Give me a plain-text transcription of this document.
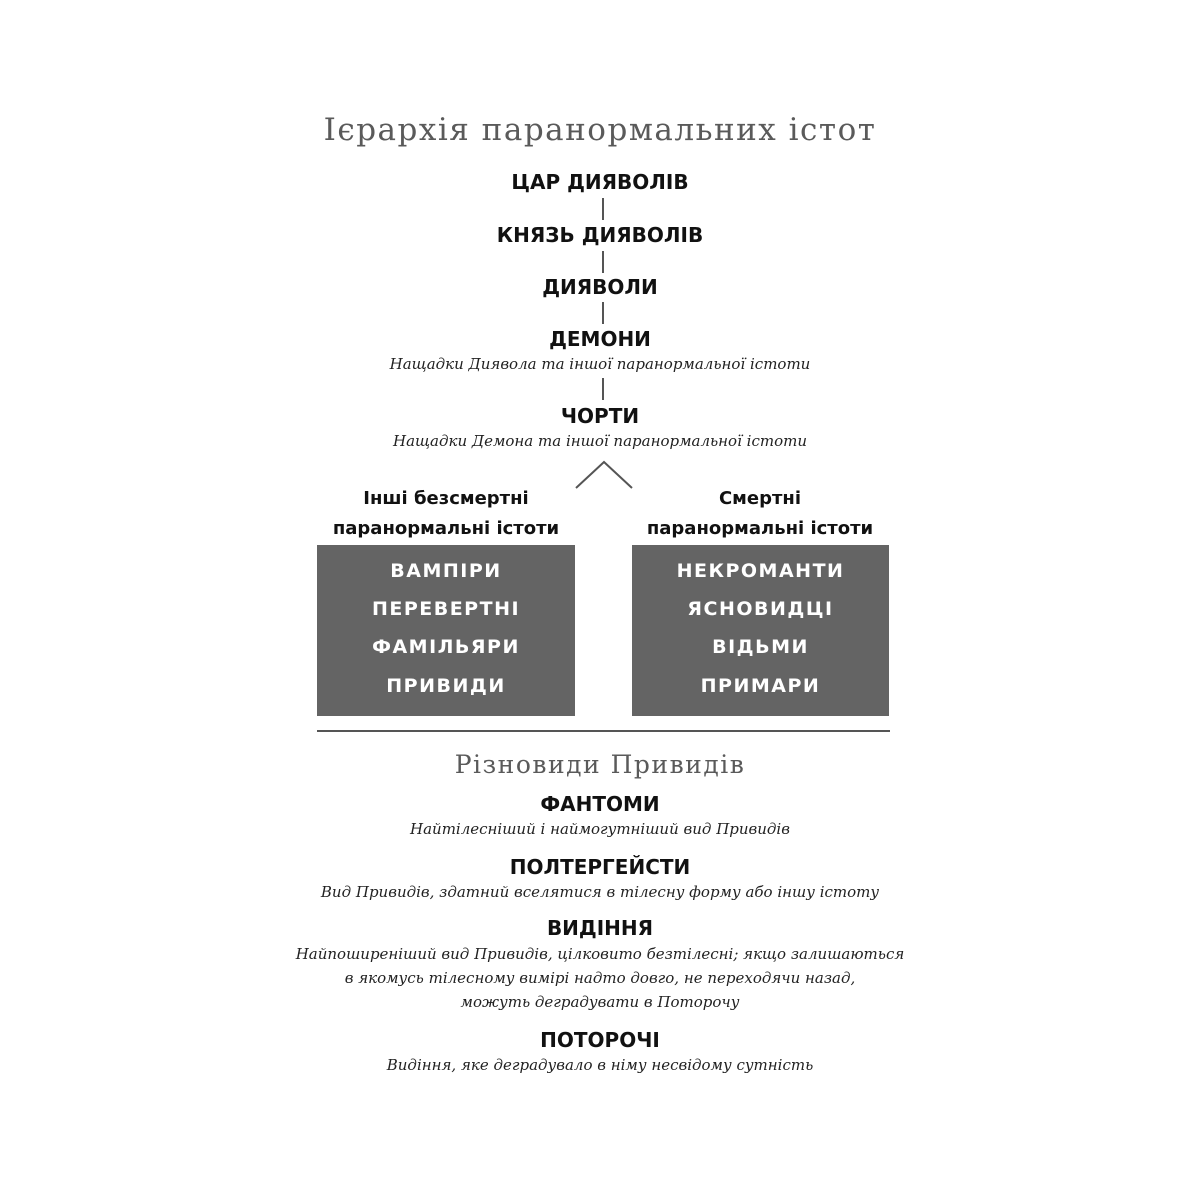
Ієрархія паранормальних істот
ЦАР ДИЯВОЛІВ
КНЯЗЬ ДИЯВОЛІВ
ДИЯВОЛИ
ДЕМОНИ
Нащадки Диявола та іншої паранормальної істоти
ЧОРТИ
Нащадки Демона та іншої паранормальної істоти
Інші безсмертні
паранормальні істоти
Смертні
паранормальні істоти
ВАМПІРИ
ПЕРЕВЕРТНІ
ФАМІЛЬЯРИ
ПРИВИДИ
НЕКРОМАНТИ
ЯСНОВИДЦІ
ВІДЬМИ
ПРИМАРИ
Різновиди Привидів
ФАНТОМИ
Найтілесніший і наймогутніший вид Привидів
ПОЛТЕРГЕЙСТИ
Вид Привидів, здатний вселятися в тілесну форму або іншу істоту
ВИДІННЯ
Найпоширеніший вид Привидів, цілковито безтілесні; якщо залишаються
в якомусь тілесному вимірі надто довго, не переходячи назад,
можуть деградувати в Поторочу
ПОТОРОЧІ
Видіння, яке деградувало в німу несвідому сутність
